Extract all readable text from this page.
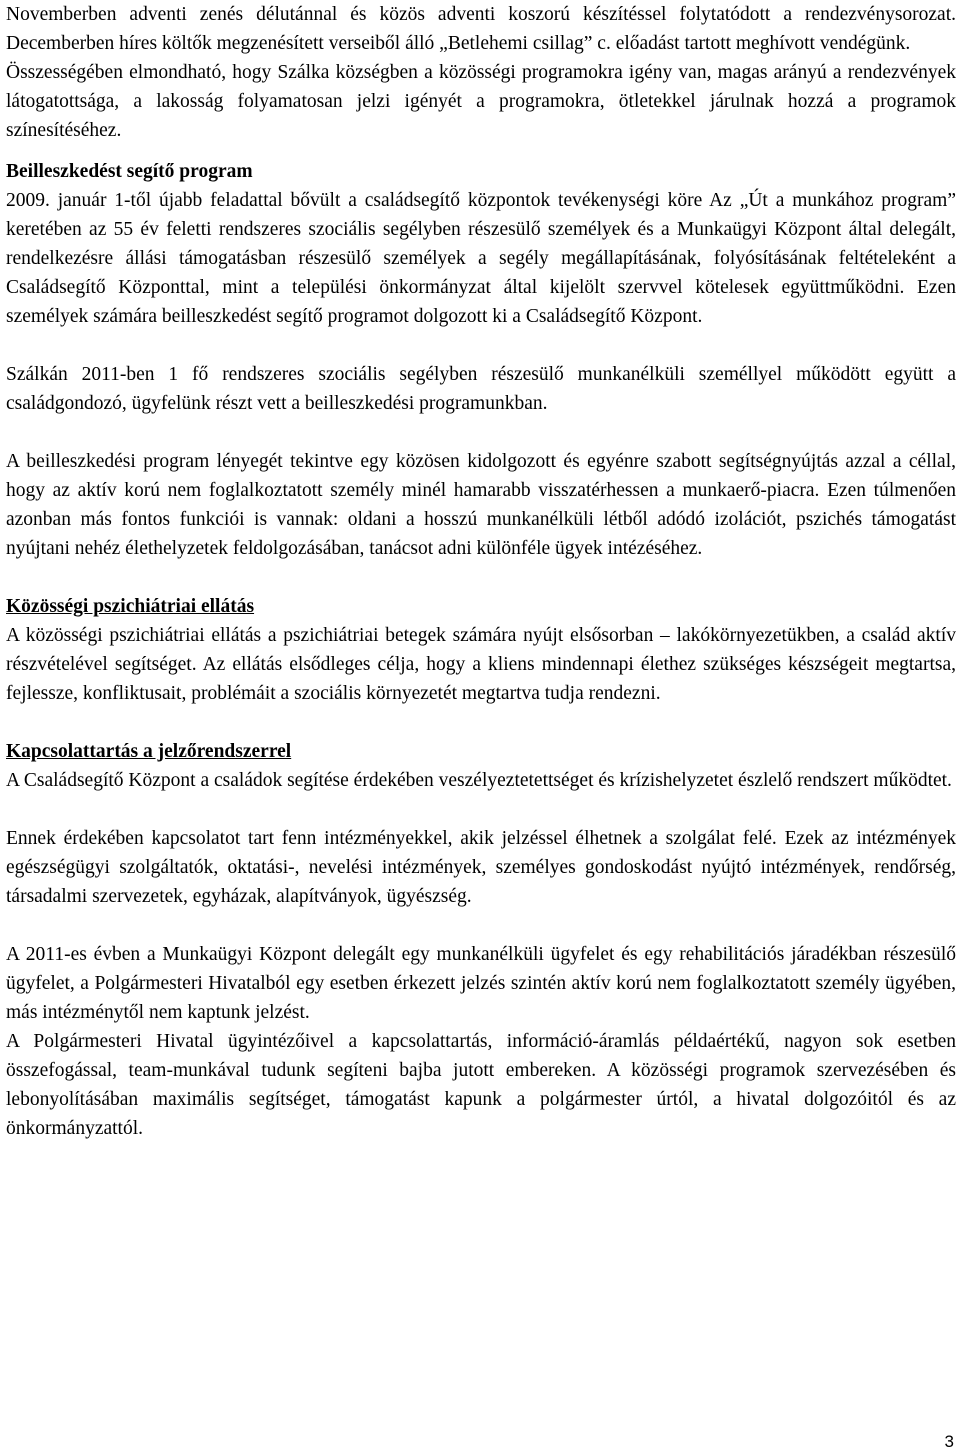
Novemberben adventi zenés délutánnal és közös adventi koszorú készítéssel folytatódott a rendezvénysorozat. Decemberben híres költők megzenésített verseiből álló „Betlehemi csillag” c. előadást tartott meghívott vendégünk.

Összességében elmondható, hogy Szálka községben a közösségi programokra igény van, magas arányú a rendezvények látogatottsága, a lakosság folyamatosan jelzi igényét a programokra, ötletekkel járulnak hozzá a programok színesítéséhez.

Beilleszkedést segítő program

2009. január 1-től újabb feladattal bővült a családsegítő központok tevékenységi köre Az „Út a munkához program” keretében az 55 év feletti rendszeres szociális segélyben részesülő személyek és a Munkaügyi Központ által delegált, rendelkezésre állási támogatásban részesülő személyek a segély megállapításának, folyósításának feltételeként a Családsegítő Központtal, mint a települési önkormányzat által kijelölt szervvel kötelesek együttműködni. Ezen személyek számára beilleszkedést segítő programot dolgozott ki a Családsegítő Központ.

Szálkán 2011-ben 1 fő rendszeres szociális segélyben részesülő munkanélküli személlyel működött együtt a családgondozó, ügyfelünk részt vett a beilleszkedési programunkban.

A beilleszkedési program lényegét tekintve egy közösen kidolgozott és egyénre szabott segítségnyújtás azzal a céllal, hogy az aktív korú nem foglalkoztatott személy minél hamarabb visszatérhessen a munkaerő-piacra. Ezen túlmenően azonban más fontos funkciói is vannak: oldani a hosszú munkanélküli létből adódó izolációt, pszichés támogatást nyújtani nehéz élethelyzetek feldolgozásában, tanácsot adni különféle ügyek intézéséhez.

Közösségi pszichiátriai ellátás

A közösségi pszichiátriai ellátás a pszichiátriai betegek számára nyújt elsősorban – lakókörnyezetükben, a család aktív részvételével segítséget. Az ellátás elsődleges célja, hogy a kliens mindennapi élethez szükséges készségeit megtartsa, fejlessze, konfliktusait, problémáit a szociális környezetét megtartva tudja rendezni.

Kapcsolattartás a jelzőrendszerrel

A Családsegítő Központ a családok segítése érdekében veszélyeztetettséget és krízishelyzetet észlelő rendszert működtet.

Ennek érdekében kapcsolatot tart fenn intézményekkel, akik jelzéssel élhetnek a szolgálat felé. Ezek az intézmények egészségügyi szolgáltatók, oktatási-, nevelési intézmények, személyes gondoskodást nyújtó intézmények, rendőrség, társadalmi szervezetek, egyházak, alapítványok, ügyészség.

A 2011-es évben a Munkaügyi Központ delegált egy munkanélküli ügyfelet és egy rehabilitációs járadékban részesülő ügyfelet, a Polgármesteri Hivatalból egy esetben érkezett jelzés szintén aktív korú nem foglalkoztatott személy ügyében, más intézménytől nem kaptunk jelzést.

A Polgármesteri Hivatal ügyintézőivel a kapcsolattartás, információ-áramlás példaértékű, nagyon sok esetben összefogással, team-munkával tudunk segíteni bajba jutott embereken. A közösségi programok szervezésében és lebonyolításában maximális segítséget, támogatást kapunk a polgármester úrtól, a hivatal dolgozóitól és az önkormányzattól.

3
